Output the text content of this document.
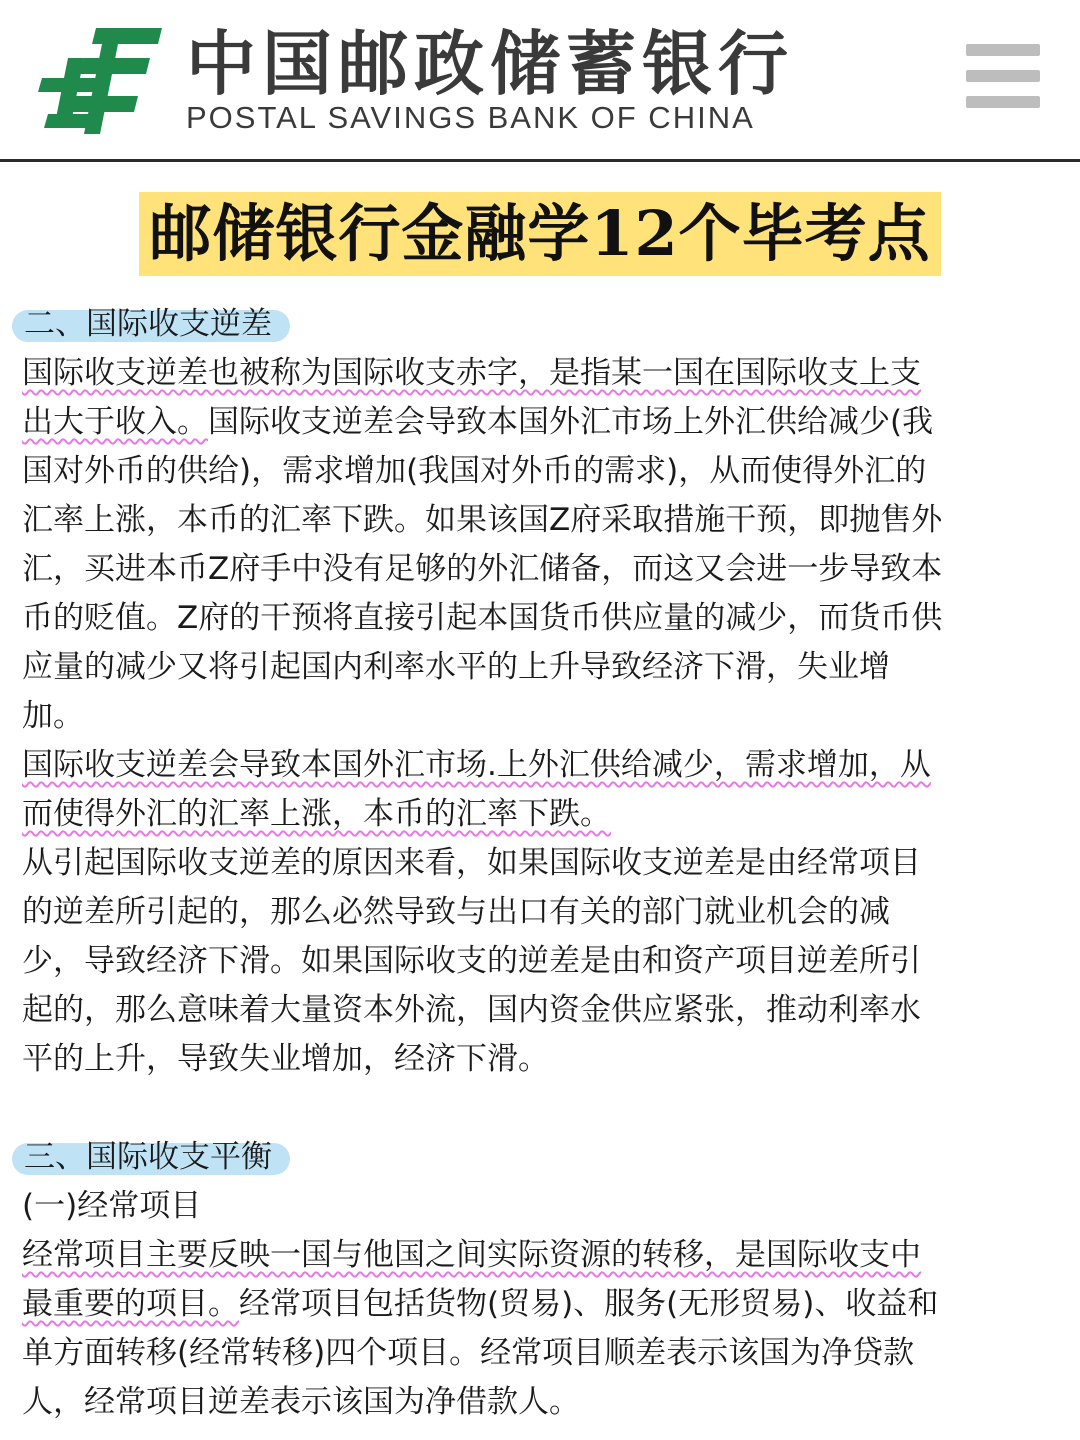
中国邮政储蓄银行
POSTAL SAVINGS BANK OF CHINA
邮储银行金融学12个毕考点
二、国际收支逆差
国际收支逆差也被称为国际收支赤字，是指某一国在国际收支上支
出大于收入。国际收支逆差会导致本国外汇市场上外汇供给减少(我
国对外币的供给)，需求增加(我国对外币的需求)，从而使得外汇的
汇率上涨，本币的汇率下跌。如果该国Z府采取措施干预，即抛售外
汇，买进本币Z府手中没有足够的外汇储备，而这又会进一步导致本
币的贬值。Z府的干预将直接引起本国货币供应量的减少，而货币供
应量的减少又将引起国内利率水平的上升导致经济下滑，失业增
加。
国际收支逆差会导致本国外汇市场.上外汇供给减少，需求增加，从
而使得外汇的汇率上涨，本币的汇率下跌。
从引起国际收支逆差的原因来看，如果国际收支逆差是由经常项目
的逆差所引起的，那么必然导致与出口有关的部门就业机会的减
少，导致经济下滑。如果国际收支的逆差是由和资产项目逆差所引
起的，那么意味着大量资本外流，国内资金供应紧张，推动利率水
平的上升，导致失业增加，经济下滑。
三、国际收支平衡
(一)经常项目
经常项目主要反映一国与他国之间实际资源的转移，是国际收支中
最重要的项目。经常项目包括货物(贸易)、服务(无形贸易)、收益和
单方面转移(经常转移)四个项目。经常项目顺差表示该国为净贷款
人，经常项目逆差表示该国为净借款人。
